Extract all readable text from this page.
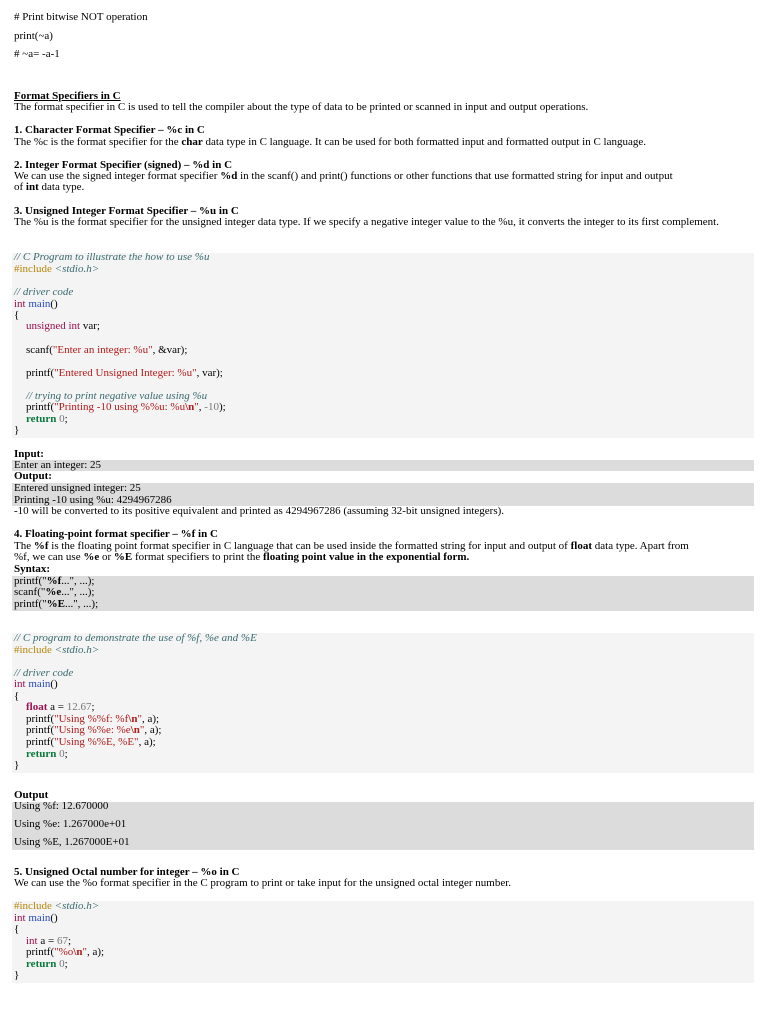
# Print bitwise NOT operation
print(~a)
# ~a= -a-1
Format Specifiers in C
The format specifier in C is used to tell the compiler about the type of data to be printed or scanned in input and output operations.
1. Character Format Specifier – %c in C
The %c is the format specifier for the char data type in C language. It can be used for both formatted input and formatted output in C language.
2. Integer Format Specifier (signed) – %d in C
We can use the signed integer format specifier %d in the scanf() and print() functions or other functions that use formatted string for input and output
of int data type.
3. Unsigned Integer Format Specifier – %u in C
The %u is the format specifier for the unsigned integer data type. If we specify a negative integer value to the %u, it converts the integer to its first complement.
// C Program to illustrate the how to use %u
#include <stdio.h>
// driver code
int main()
{
unsigned int var;
scanf("Enter an integer: %u", &var);
printf("Entered Unsigned Integer: %u", var);
// trying to print negative value using %u
printf("Printing -10 using %%u: %u\n", -10);
return 0;
}
Input:
Enter an integer: 25
Output:
Entered unsigned integer: 25
Printing -10 using %u: 4294967286
-10 will be converted to its positive equivalent and printed as 4294967286 (assuming 32-bit unsigned integers).
4. Floating-point format specifier – %f in C
The %f is the floating point format specifier in C language that can be used inside the formatted string for input and output of float data type. Apart from
%f, we can use %e or %E format specifiers to print the floating point value in the exponential form.
Syntax:
printf("%f...", ...);
scanf("%e...", ...);
printf("%E...", ...);
// C program to demonstrate the use of %f, %e and %E
#include <stdio.h>
// driver code
int main()
{
float a = 12.67;
printf("Using %%f: %f\n", a);
printf("Using %%e: %e\n", a);
printf("Using %%E, %E", a);
return 0;
}
Output
Using %f: 12.670000
Using %e: 1.267000e+01
Using %E, 1.267000E+01
5. Unsigned Octal number for integer – %o in C
We can use the %o format specifier in the C program to print or take input for the unsigned octal integer number.
#include <stdio.h>
int main()
{
int a = 67;
printf("%o\n", a);
return 0;
}
